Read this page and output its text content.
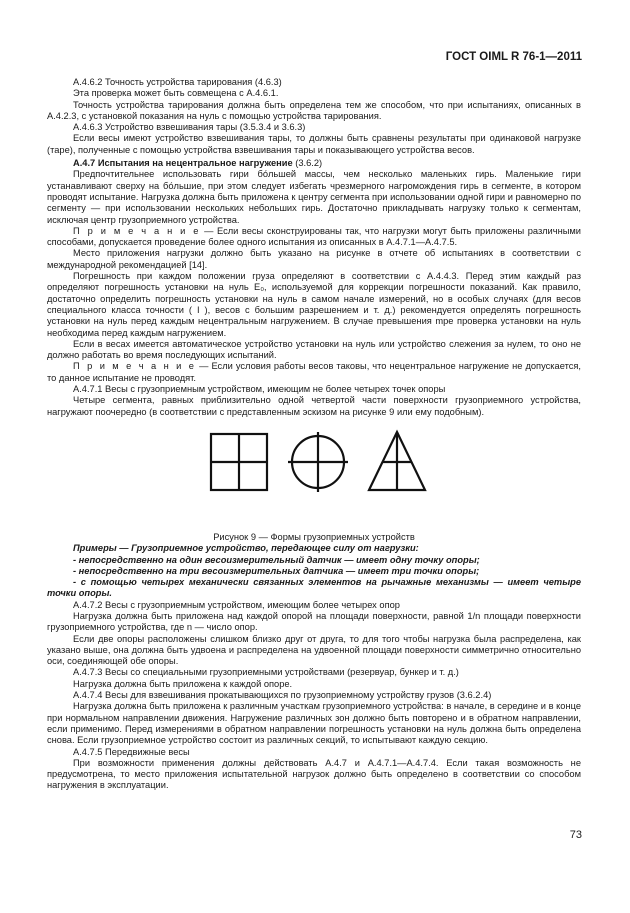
ГОСТ OIML R 76-1—2011

А.4.6.2 Точность устройства тарирования (4.6.3)

Эта проверка может быть совмещена с А.4.6.1.

Точность устройства тарирования должна быть определена тем же способом, что при испытаниях, описанных в А.4.2.3, с установкой показания на нуль с помощью устройства тарирования.

А.4.6.3 Устройство взвешивания тары (3.5.3.4 и 3.6.3)

Если весы имеют устройство взвешивания тары, то должны быть сравнены результаты при одинаковой нагрузке (таре), полученные с помощью устройства взвешивания тары и показывающего устройства весов.

А.4.7 Испытания на нецентральное нагружение (3.6.2)

Предпочтительнее использовать гири бо́льшей массы, чем несколько маленьких гирь. Маленькие гири устанавливают сверху на бо́льшие, при этом следует избегать чрезмерного нагромождения гирь в сегменте, в котором проводят испытание. Нагрузка должна быть приложена к центру сегмента при использовании одной гири и равномерно по сегменту — при использовании нескольких небольших гирь. Достаточно прикладывать нагрузку только к сегментам, исключая центр грузоприемного устройства.

П р и м е ч а н и е — Если весы сконструированы так, что нагрузки могут быть приложены различными способами, допускается проведение более одного испытания из описанных в А.4.7.1—А.4.7.5.

Место приложения нагрузки должно быть указано на рисунке в отчете об испытаниях в соответствии с международной рекомендацией [14].

Погрешность при каждом положении груза определяют в соответствии с А.4.4.3. Перед этим каждый раз определяют погрешность установки на нуль E₀, используемой для коррекции погрешности показаний. Как правило, достаточно определить погрешность установки на нуль в самом начале измерений, но в особых случаях (для весов специального класса точности ( I ), весов с большим разрешением и т. д.) рекомендуется определять погрешность установки на нуль перед каждым нецентральным нагружением. В случае превышения mpe проверка установки на нуль необходима перед каждым нагружением.

Если в весах имеется автоматическое устройство установки на нуль или устройство слежения за нулем, то оно не должно работать во время последующих испытаний.

П р и м е ч а н и е — Если условия работы весов таковы, что нецентральное нагружение не допускается, то данное испытание не проводят.

А.4.7.1 Весы с грузоприемным устройством, имеющим не более четырех точек опоры

Четыре сегмента, равных приблизительно одной четвертой части поверхности грузоприемного устройства, нагружают поочередно (в соответствии с представленным эскизом на рисунке 9 или ему подобным).

Рисунок 9 — Формы грузоприемных устройств

Примеры — Грузоприемное устройство, передающее силу от нагрузки:

- непосредственно на один весоизмерительный датчик — имеет одну точку опоры;

- непосредственно на три весоизмерительных датчика — имеет три точки опоры;

- с помощью четырех механически связанных элементов на рычажные механизмы — имеет четыре точки опоры.

А.4.7.2 Весы с грузоприемным устройством, имеющим более четырех опор

Нагрузка должна быть приложена над каждой опорой на площади поверхности, равной 1/n площади поверхности грузоприемного устройства, где n — число опор.

Если две опоры расположены слишком близко друг от друга, то для того чтобы нагрузка была распределена, как указано выше, она должна быть удвоена и распределена на удвоенной площади поверхности симметрично относительно оси, соединяющей обе опоры.

А.4.7.3 Весы со специальными грузоприемными устройствами (резервуар, бункер и т. д.)

Нагрузка должна быть приложена к каждой опоре.

А.4.7.4 Весы для взвешивания прокатывающихся по грузоприемному устройству грузов (3.6.2.4)

Нагрузка должна быть приложена к различным участкам грузоприемного устройства: в начале, в середине и в конце при нормальном направлении движения. Нагружение различных зон должно быть повторено и в обратном направлении, если применимо. Перед измерениями в обратном направлении погрешность установки на нуль должна быть определена снова. Если грузоприемное устройство состоит из различных секций, то испытывают каждую секцию.

А.4.7.5 Передвижные весы

При возможности применения должны действовать А.4.7 и А.4.7.1—А.4.7.4. Если такая возможность не предусмотрена, то место приложения испытательной нагрузок должно быть определено в соответствии со способом нагружения в эксплуатации.

73
